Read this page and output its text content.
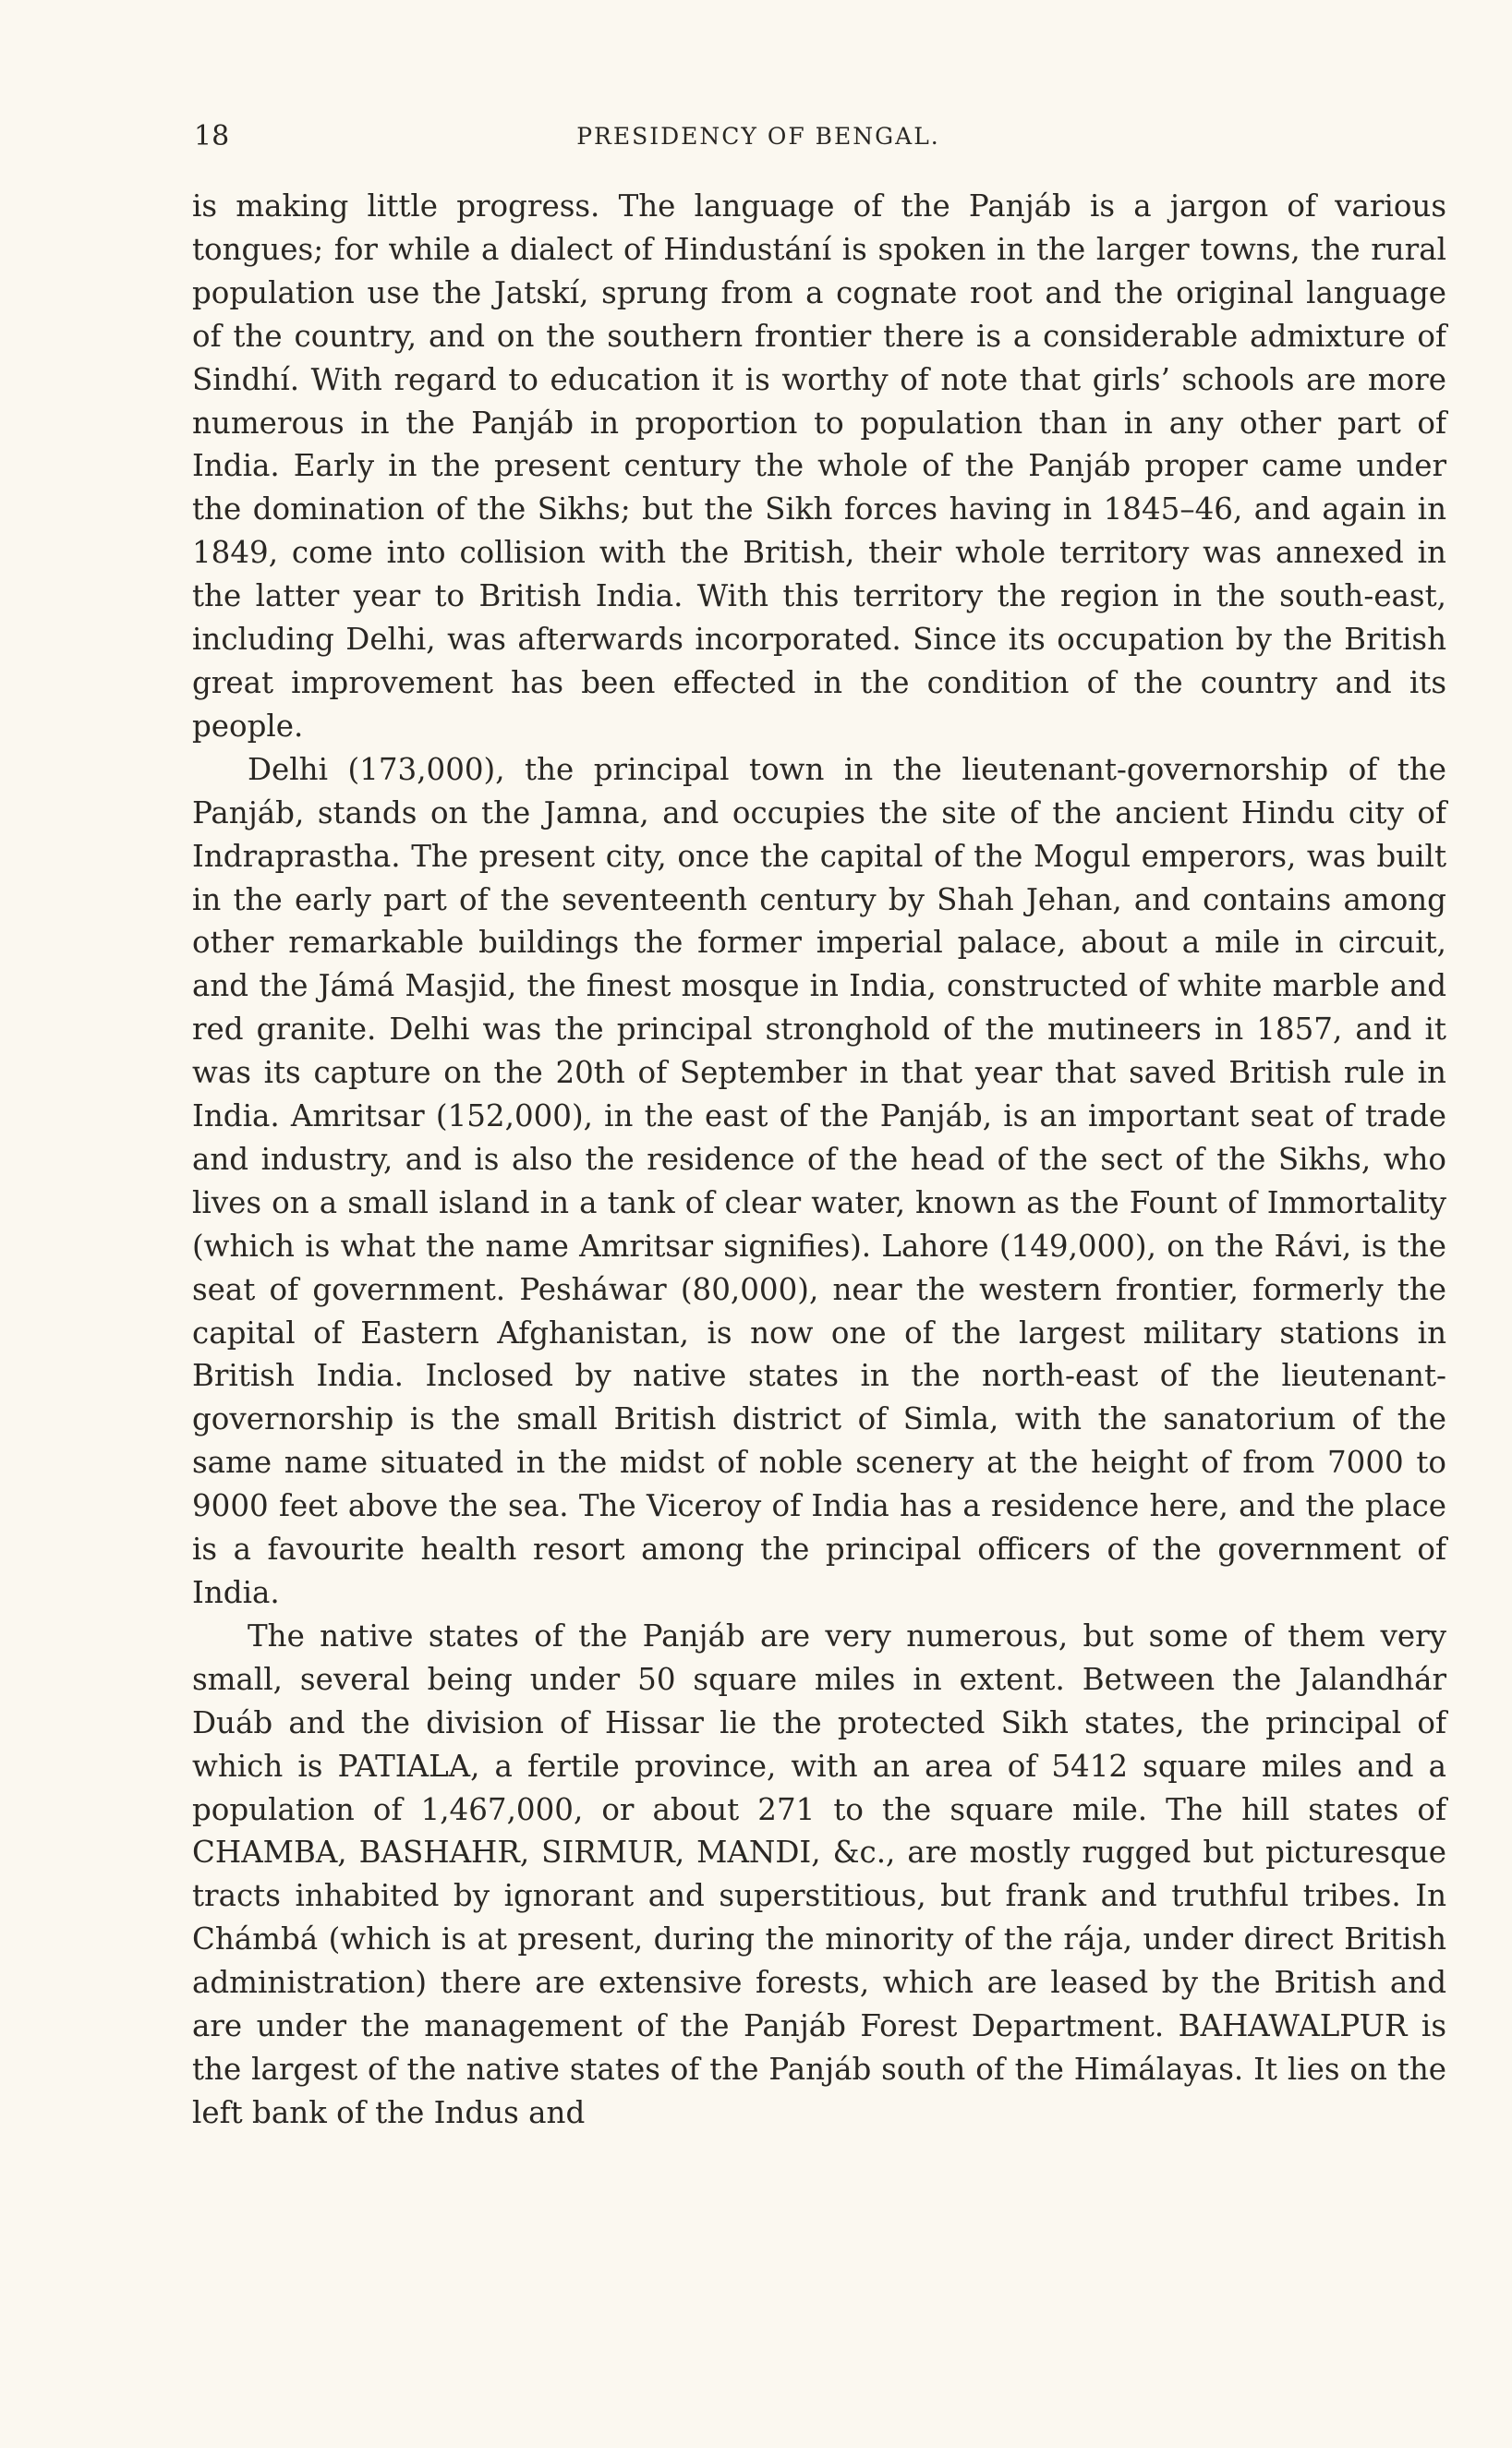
18	PRESIDENCY OF BENGAL.

is making little progress. The language of the Panjáb is a jargon of various tongues; for while a dialect of Hindustání is spoken in the larger towns, the rural population use the Jatskí, sprung from a cognate root and the original language of the country, and on the southern frontier there is a considerable admixture of Sindhí. With regard to education it is worthy of note that girls’ schools are more numerous in the Panjáb in proportion to population than in any other part of India. Early in the present century the whole of the Panjáb proper came under the domination of the Sikhs; but the Sikh forces having in 1845–46, and again in 1849, come into collision with the British, their whole territory was annexed in the latter year to British India. With this territory the region in the south-east, including Delhi, was afterwards incorporated. Since its occupation by the British great improvement has been effected in the condition of the country and its people.

Delhi (173,000), the principal town in the lieutenant-governorship of the Panjáb, stands on the Jamna, and occupies the site of the ancient Hindu city of Indraprastha. The present city, once the capital of the Mogul emperors, was built in the early part of the seventeenth century by Shah Jehan, and contains among other remarkable buildings the former imperial palace, about a mile in circuit, and the Jámá Masjid, the finest mosque in India, constructed of white marble and red granite. Delhi was the principal stronghold of the mutineers in 1857, and it was its capture on the 20th of September in that year that saved British rule in India. Amritsar (152,000), in the east of the Panjáb, is an important seat of trade and industry, and is also the residence of the head of the sect of the Sikhs, who lives on a small island in a tank of clear water, known as the Fount of Immortality (which is what the name Amritsar signifies). Lahore (149,000), on the Rávi, is the seat of government. Pesháwar (80,000), near the western frontier, formerly the capital of Eastern Afghanistan, is now one of the largest military stations in British India. Inclosed by native states in the north-east of the lieutenant-governorship is the small British district of Simla, with the sanatorium of the same name situated in the midst of noble scenery at the height of from 7000 to 9000 feet above the sea. The Viceroy of India has a residence here, and the place is a favourite health resort among the principal officers of the government of India.

The native states of the Panjáb are very numerous, but some of them very small, several being under 50 square miles in extent. Between the Jalandhár Duáb and the division of Hissar lie the protected Sikh states, the principal of which is PATIALA, a fertile province, with an area of 5412 square miles and a population of 1,467,000, or about 271 to the square mile. The hill states of CHAMBA, BASHAHR, SIRMUR, MANDI, &c., are mostly rugged but picturesque tracts inhabited by ignorant and superstitious, but frank and truthful tribes. In Chámbá (which is at present, during the minority of the rája, under direct British administration) there are extensive forests, which are leased by the British and are under the management of the Panjáb Forest Department. BAHAWALPUR is the largest of the native states of the Panjáb south of the Himálayas. It lies on the left bank of the Indus and
